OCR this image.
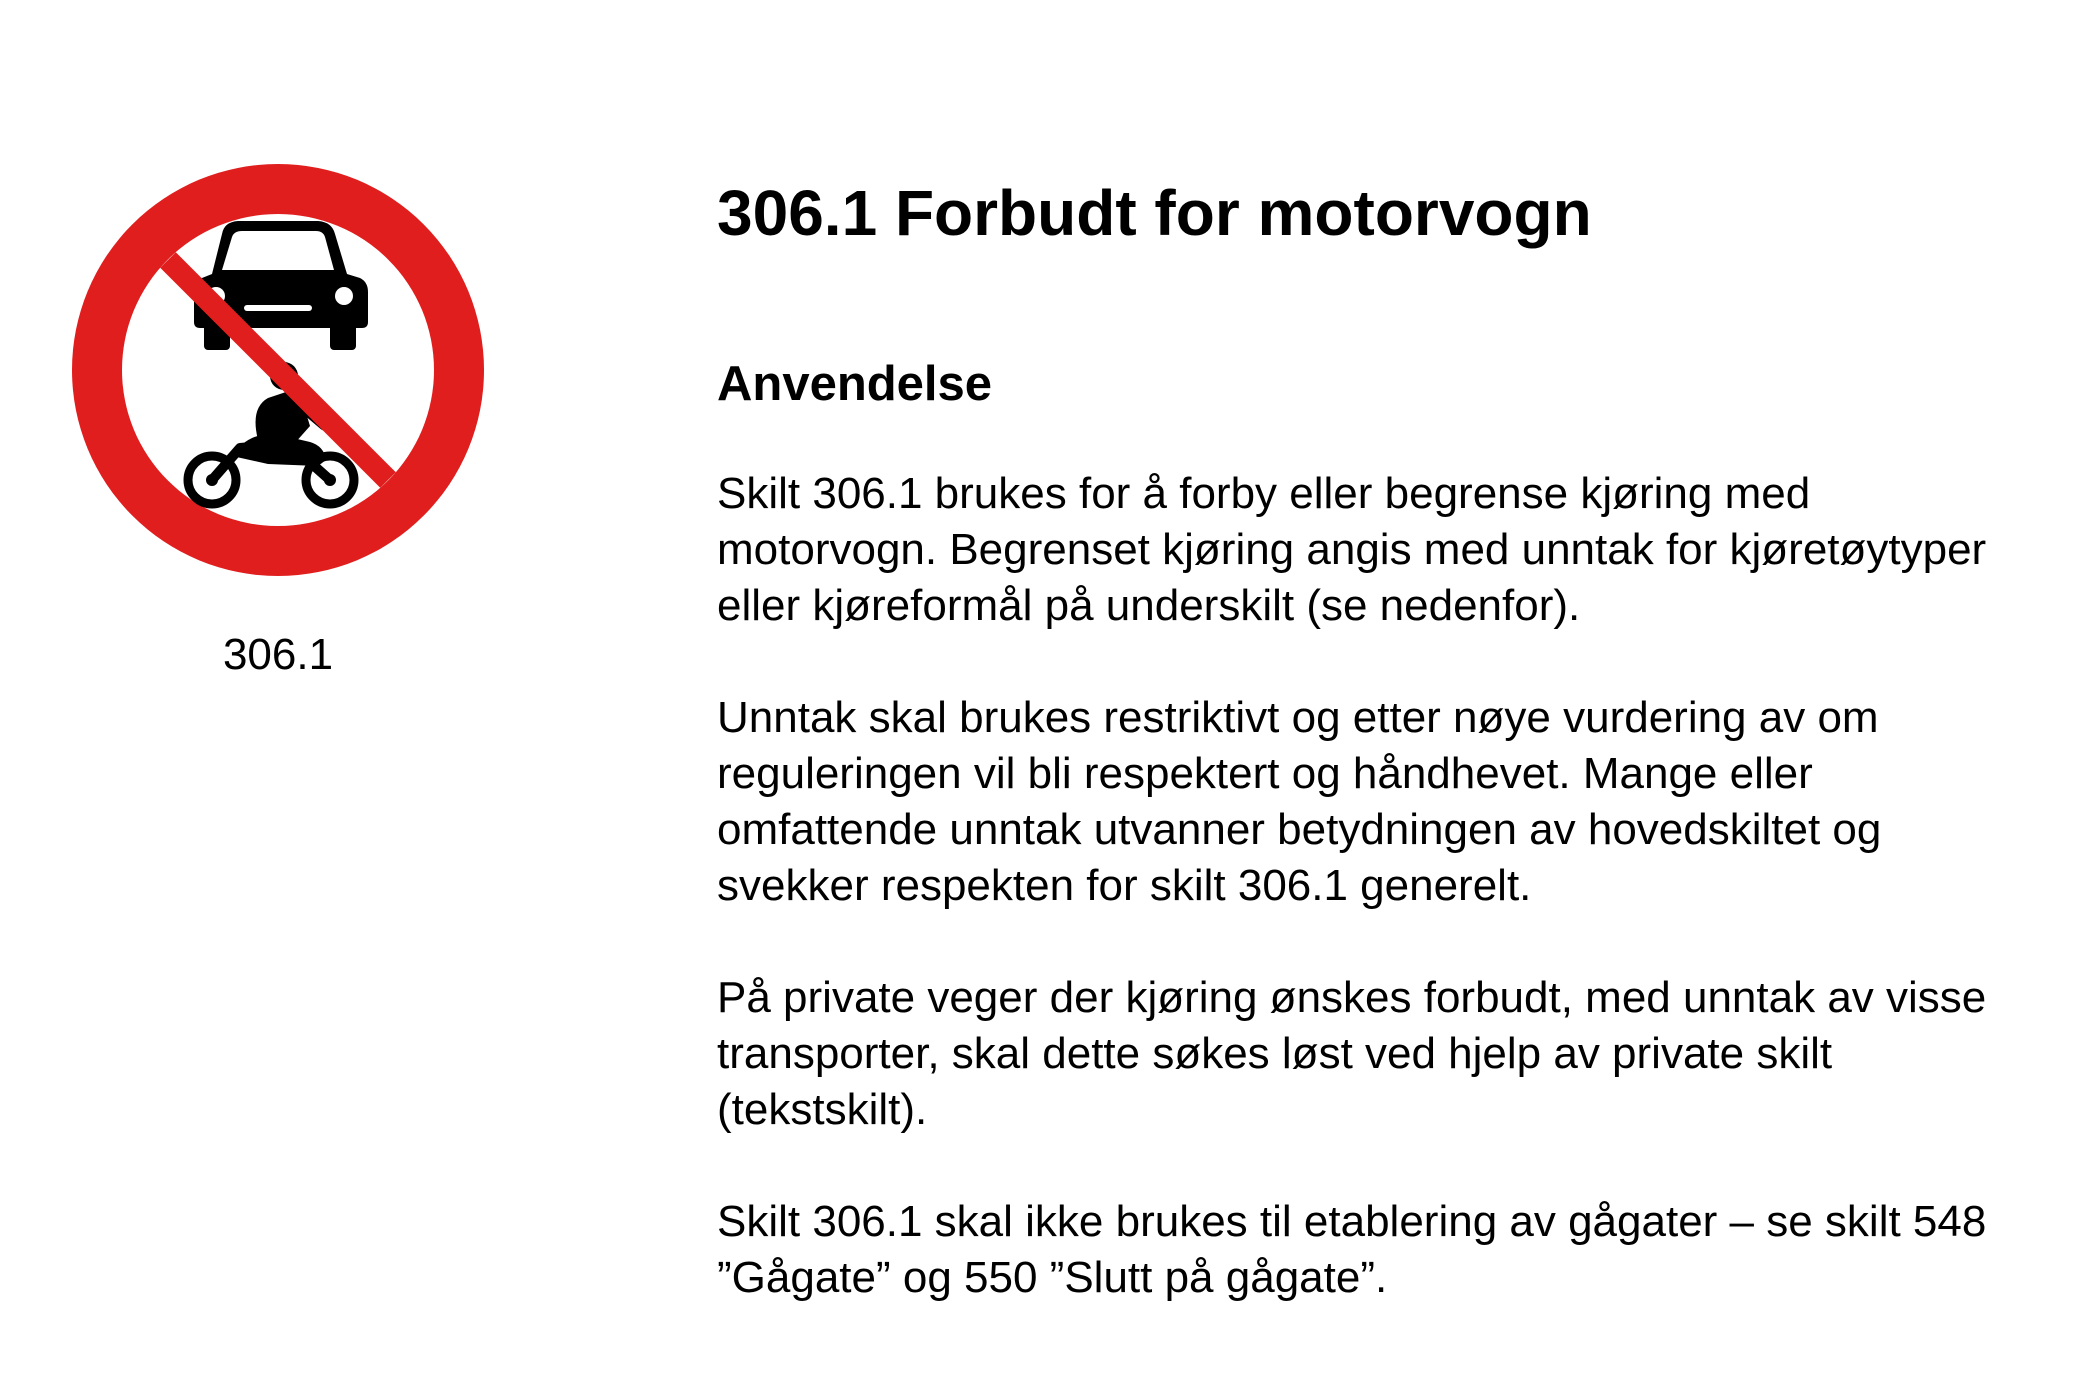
306.1
306.1 Forbudt for motorvogn
Anvendelse

Skilt 306.1 brukes for å forby eller begrense kjøring med motorvogn. Begrenset kjøring angis med unntak for kjøretøytyper eller kjøreformål på underskilt (se nedenfor).

Unntak skal brukes restriktivt og etter nøye vurdering av om reguleringen vil bli respektert og håndhevet. Mange eller omfattende unntak utvanner betydningen av hovedskiltet og svekker respekten for skilt 306.1 generelt.

På private veger der kjøring ønskes forbudt, med unntak av visse transporter, skal dette søkes løst ved hjelp av private skilt (tekstskilt).

Skilt 306.1 skal ikke brukes til etablering av gågater – se skilt 548 ”Gågate” og 550 ”Slutt på gågate”.
